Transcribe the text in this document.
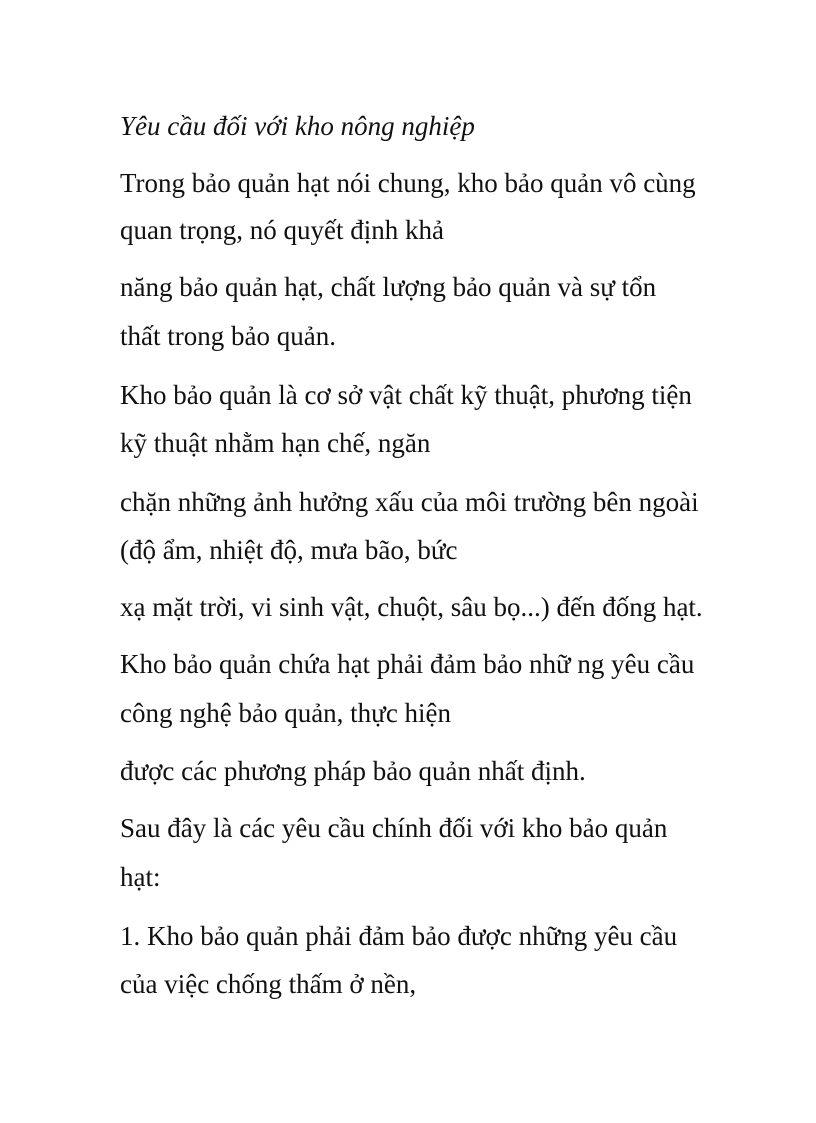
Yêu cầu đối với kho nông nghiệp
Trong bảo quản hạt nói chung, kho bảo quản vô cùng
quan trọng, nó quyết định khả
năng bảo quản hạt, chất lượng bảo quản và sự tổn
thất trong bảo quản.
Kho bảo quản là cơ sở vật chất kỹ thuật, phương tiện
kỹ thuật nhằm hạn chế, ngăn
chặn những ảnh hưởng xấu của môi trường bên ngoài
(độ ẩm, nhiệt độ, mưa bão, bức
xạ mặt trời, vi sinh vật, chuột, sâu bọ...) đến đống hạt.
Kho bảo quản chứa hạt phải đảm bảo nhữ ng yêu cầu
công nghệ bảo quản, thực hiện
được các phương pháp bảo quản nhất định.
Sau đây là các yêu cầu chính đối với kho bảo quản
hạt:
1. Kho bảo quản phải đảm bảo được những yêu cầu
của việc chống thấm ở nền,
